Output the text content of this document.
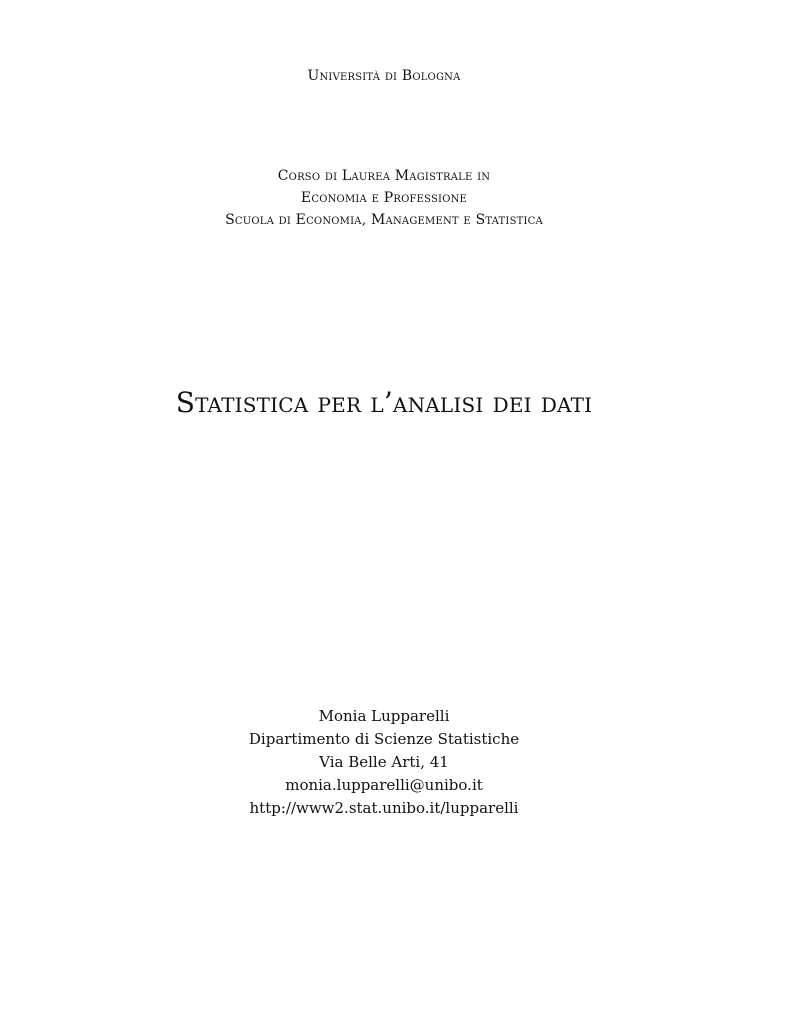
Università di Bologna
Corso di Laurea Magistrale in
Economia e Professione
Scuola di Economia, Management e Statistica
Statistica per l’analisi dei dati
Monia Lupparelli
Dipartimento di Scienze Statistiche
Via Belle Arti, 41
monia.lupparelli@unibo.it
http://www2.stat.unibo.it/lupparelli
